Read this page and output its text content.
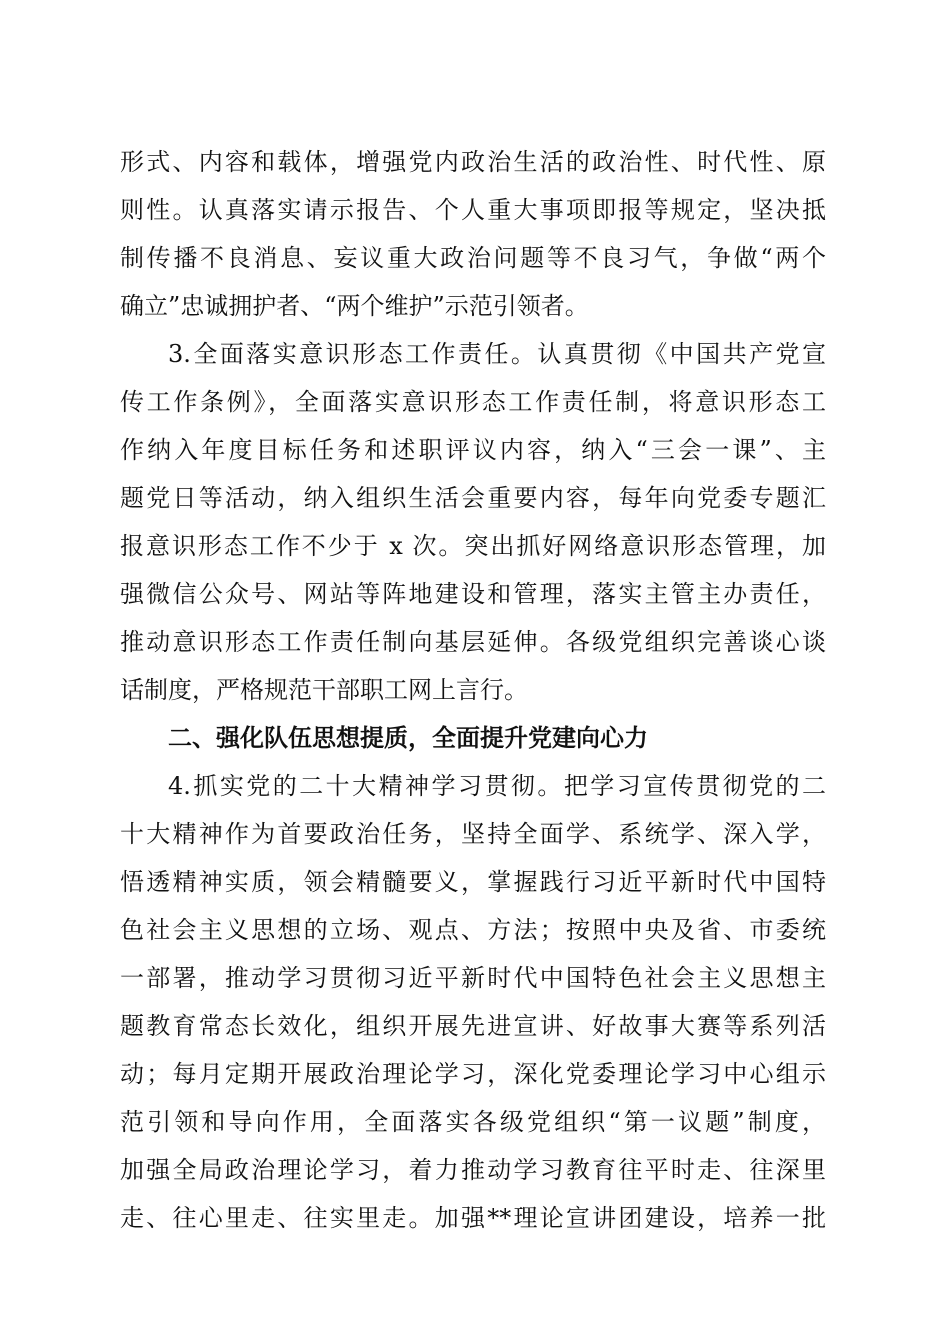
形式、内容和载体，增强党内政治生活的政治性、时代性、原
则性。认真落实请示报告、个人重大事项即报等规定，坚决抵
制传播不良消息、妄议重大政治问题等不良习气，争做“两个
确立”忠诚拥护者、“两个维护”示范引领者。
3.全面落实意识形态工作责任。认真贯彻《中国共产党宣
传工作条例》，全面落实意识形态工作责任制，将意识形态工
作纳入年度目标任务和述职评议内容，纳入“三会一课”、主
题党日等活动，纳入组织生活会重要内容，每年向党委专题汇
报意识形态工作不少于 x 次。突出抓好网络意识形态管理，加
强微信公众号、网站等阵地建设和管理，落实主管主办责任，
推动意识形态工作责任制向基层延伸。各级党组织完善谈心谈
话制度，严格规范干部职工网上言行。
二、强化队伍思想提质，全面提升党建向心力
4.抓实党的二十大精神学习贯彻。把学习宣传贯彻党的二
十大精神作为首要政治任务，坚持全面学、系统学、深入学，
悟透精神实质，领会精髓要义，掌握践行习近平新时代中国特
色社会主义思想的立场、观点、方法；按照中央及省、市委统
一部署，推动学习贯彻习近平新时代中国特色社会主义思想主
题教育常态长效化，组织开展先进宣讲、好故事大赛等系列活
动；每月定期开展政治理论学习，深化党委理论学习中心组示
范引领和导向作用，全面落实各级党组织“第一议题”制度，
加强全局政治理论学习，着力推动学习教育往平时走、往深里
走、往心里走、往实里走。加强**理论宣讲团建设，培养一批
